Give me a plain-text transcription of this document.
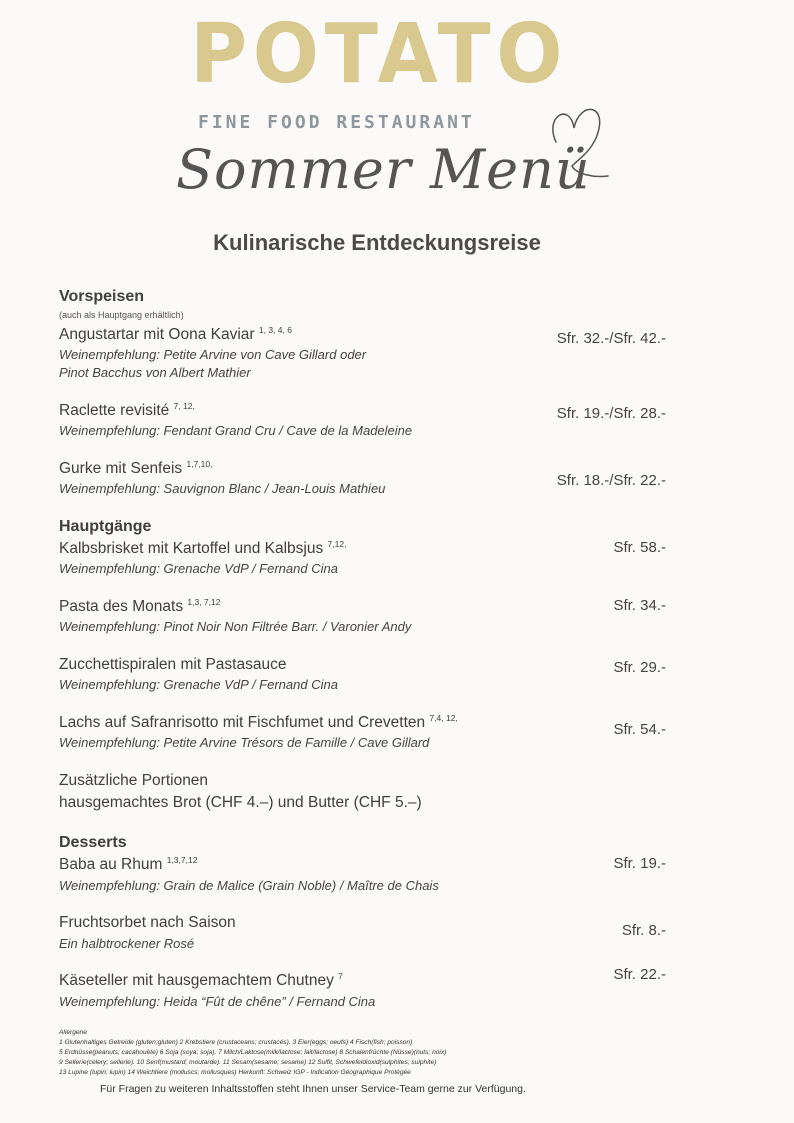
POTATO
FINE FOOD RESTAURANT
Sommer Menü
Kulinarische Entdeckungsreise
Vorspeisen
(auch als Hauptgang erhältlich)
Angustartar mit Oona Kaviar $^{1, 3, 4, 6}$
Weinempfehlung: Petite Arvine von Cave Gillard oder
Pinot Bacchus von Albert Mathier
Sfr. 32.-/Sfr. 42.-
Raclette revisité $^{7, 12,}$
Weinempfehlung: Fendant Grand Cru / Cave de la Madeleine
Sfr. 19.-/Sfr. 28.-
Gurke mit Senfeis $^{1,7,10,}$
Weinempfehlung: Sauvignon Blanc / Jean-Louis Mathieu	Sfr. 18.-/Sfr. 22.-
Hauptgänge
Kalbsbrisket mit Kartoffel und Kalbsjus $^{7,12,}$
Weinempfehlung: Grenache VdP / Fernand Cina
Sfr. 58.-
Pasta des Monats $^{1,3, 7,12}$
Weinempfehlung: Pinot Noir Non Filtrée Barr. / Varonier Andy
Sfr. 34.-
Zucchettispiralen mit Pastasauce
Weinempfehlung: Grenache VdP / Fernand Cina
Sfr. 29.-
Lachs auf Safranrisotto mit Fischfumet und Crevetten $^{7,4, 12,}$
Weinempfehlung: Petite Arvine Trésors de Famille / Cave Gillard
Sfr. 54.-
Zusätzliche Portionen
hausgemachtes Brot (CHF 4.–) und Butter (CHF 5.–)
Desserts
Baba au Rhum $^{1,3,7,12}$
Weinempfehlung: Grain de Malice (Grain Noble) / Maître de Chais
Sfr. 19.-
Fruchtsorbet nach Saison
Ein halbtrockener Rosé
Sfr. 8.-
Käseteller mit hausgemachtem Chutney $^7$
Weinempfehlung: Heida “Fût de chêne” / Fernand Cina
Sfr. 22.-
Allergene
1 Glutenhaltiges Getreide (gluten;gluten) 2 Krebstiere (crustaceans; crustacés). 3 Eier(eggs; oeufs) 4 Fisch(fish; poisson)
5 Erdnüsse(peanuts; cacahouète) 6 Soja (soya; soja). 7 Milch/Laktose(milk/lactose; lait/lactose) 8 Schalenfrüchte (Nüsse)(nuts; noix)
9 Sellerie(celery; sellerie). 10 Senf(mustard; moutarde). 11 Sesam(sesame; sesame) 12 Sulfit, Schwefeldioxid(sulphites; sulphite)
13 Lupine (lupin; lupin) 14 Weichtiere (molluscs; mollusques) Herkunft: Schweiz IGP - Indication Géographique Protégée
Für Fragen zu weiteren Inhaltsstoffen steht Ihnen unser Service-Team gerne zur Verfügung.
